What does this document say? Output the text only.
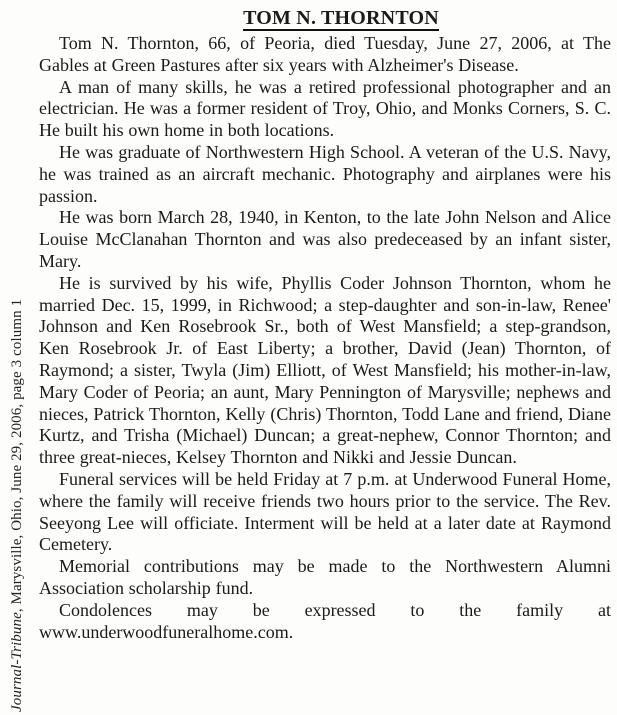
Journal-Tribune, Marysville, Ohio, June 29, 2006, page 3 column 1
TOM N. THORNTON

Tom N. Thornton, 66, of Peoria, died Tuesday, June 27, 2006, at The Gables at Green Pastures after six years with Alzheimer's Disease.

A man of many skills, he was a retired professional photographer and an electrician. He was a former resident of Troy, Ohio, and Monks Corners, S. C. He built his own home in both locations.

He was graduate of Northwestern High School. A veteran of the U.S. Navy, he was trained as an aircraft mechanic. Photography and airplanes were his passion.

He was born March 28, 1940, in Kenton, to the late John Nelson and Alice Louise McClanahan Thornton and was also predeceased by an infant sister, Mary.

He is survived by his wife, Phyllis Coder Johnson Thornton, whom he married Dec. 15, 1999, in Richwood; a step-daughter and son-in-law, Renee' Johnson and Ken Rosebrook Sr., both of West Mansfield; a step-grandson, Ken Rosebrook Jr. of East Liberty; a brother, David (Jean) Thornton, of Raymond; a sister, Twyla (Jim) Elliott, of West Mansfield; his mother-in-law, Mary Coder of Peoria; an aunt, Mary Pennington of Marysville; nephews and nieces, Patrick Thornton, Kelly (Chris) Thornton, Todd Lane and friend, Diane Kurtz, and Trisha (Michael) Duncan; a great-nephew, Connor Thornton; and three great-nieces, Kelsey Thornton and Nikki and Jessie Duncan.

Funeral services will be held Friday at 7 p.m. at Underwood Funeral Home, where the family will receive friends two hours prior to the service. The Rev. Seeyong Lee will officiate. Interment will be held at a later date at Raymond Cemetery.

Memorial contributions may be made to the Northwestern Alumni Association scholarship fund.

Condolences may be expressed to the family at www.underwoodfuneralhome.com.
